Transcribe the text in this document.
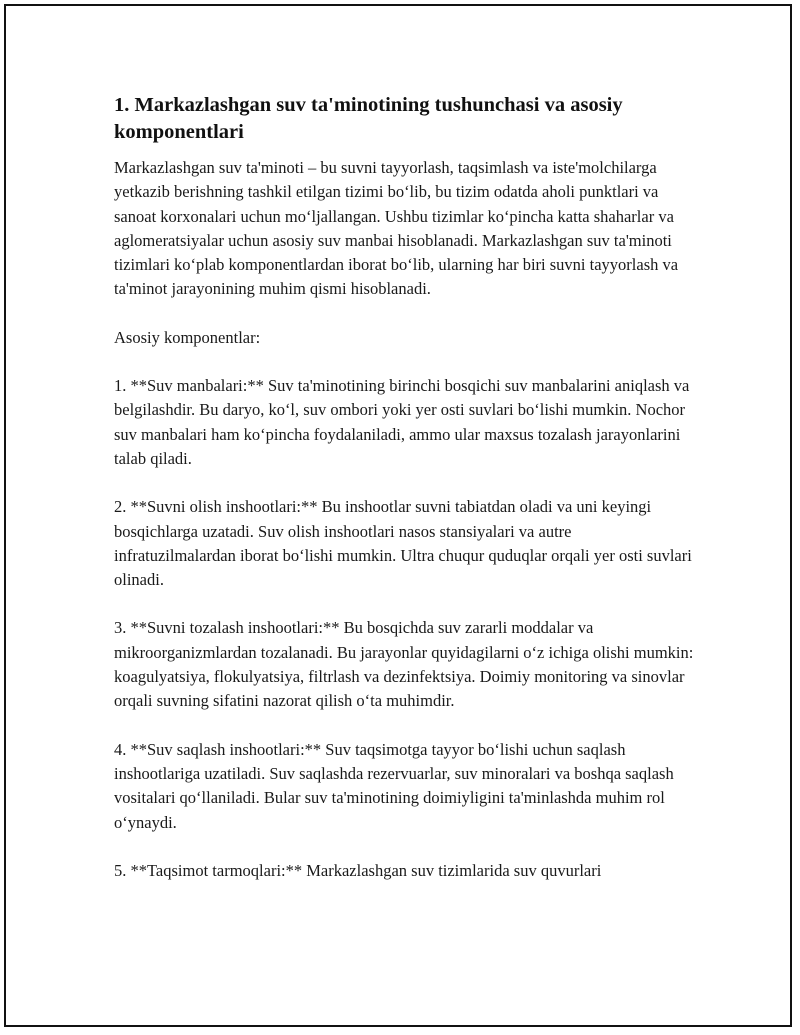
1. Markazlashgan suv ta'minotining tushunchasi va asosiy komponentlari

Markazlashgan suv ta'minoti – bu suvni tayyorlash, taqsimlash va iste'molchilarga yetkazib berishning tashkil etilgan tizimi bo‘lib, bu tizim odatda aholi punktlari va sanoat korxonalari uchun mo‘ljallangan. Ushbu tizimlar ko‘pincha katta shaharlar va aglomeratsiyalar uchun asosiy suv manbai hisoblanadi. Markazlashgan suv ta'minoti tizimlari ko‘plab komponentlardan iborat bo‘lib, ularning har biri suvni tayyorlash va ta'minot jarayonining muhim qismi hisoblanadi.

Asosiy komponentlar:

1. **Suv manbalari:** Suv ta'minotining birinchi bosqichi suv manbalarini aniqlash va belgilashdir. Bu daryo, ko‘l, suv ombori yoki yer osti suvlari bo‘lishi mumkin. Nochor suv manbalari ham ko‘pincha foydalaniladi, ammo ular maxsus tozalash jarayonlarini talab qiladi.

2. **Suvni olish inshootlari:** Bu inshootlar suvni tabiatdan oladi va uni keyingi bosqichlarga uzatadi. Suv olish inshootlari nasos stansiyalari va autre infratuzilmalardan iborat bo‘lishi mumkin. Ultra chuqur quduqlar orqali yer osti suvlari olinadi.

3. **Suvni tozalash inshootlari:** Bu bosqichda suv zararli moddalar va mikroorganizmlardan tozalanadi. Bu jarayonlar quyidagilarni o‘z ichiga olishi mumkin: koagulyatsiya, flokulyatsiya, filtrlash va dezinfektsiya. Doimiy monitoring va sinovlar orqali suvning sifatini nazorat qilish o‘ta muhimdir.

4. **Suv saqlash inshootlari:** Suv taqsimotga tayyor bo‘lishi uchun saqlash inshootlariga uzatiladi. Suv saqlashda rezervuarlar, suv minoralari va boshqa saqlash vositalari qo‘llaniladi. Bular suv ta'minotining doimiyligini ta'minlashda muhim rol o‘ynaydi.

5. **Taqsimot tarmoqlari:** Markazlashgan suv tizimlarida suv quvurlari
